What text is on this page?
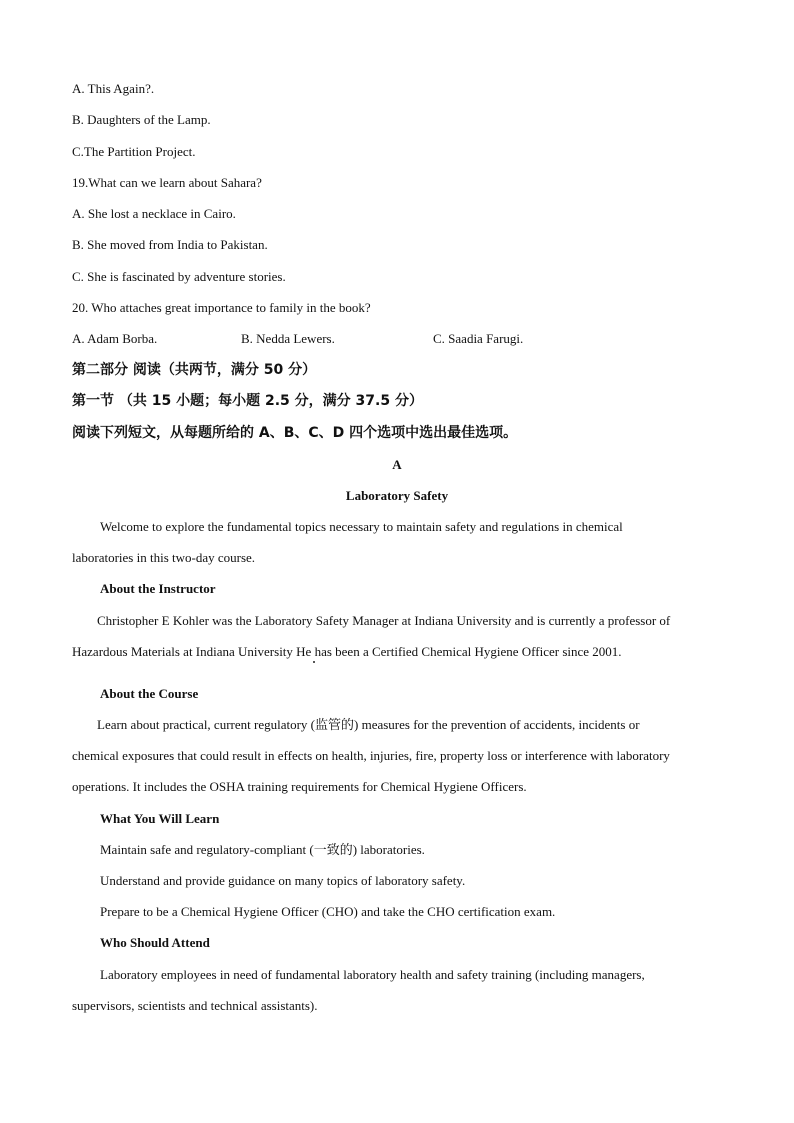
A. This Again?.
B. Daughters of the Lamp.
C.The Partition Project.
19.What can we learn about Sahara?
A. She lost a necklace in Cairo.
B. She moved from India to Pakistan.
C. She is fascinated by adventure stories.
20. Who attaches great importance to family in the book?
A. Adam Borba.	B. Nedda Lewers.	C. Saadia Farugi.
第二部分 阅读（共两节，满分 50 分）
第一节 （共 15 小题；每小题 2.5 分，满分 37.5 分）
阅读下列短文，从每题所给的 A、B、C、D 四个选项中选出最佳选项。
A
Laboratory Safety
Welcome to explore the fundamental topics necessary to maintain safety and regulations in chemical
laboratories in this two-day course.
About the Instructor
Christopher E Kohler was the Laboratory Safety Manager at Indiana University and is currently a professor of
Hazardous Materials at Indiana University He has been a Certified Chemical Hygiene Officer since 2001.
About the Course
Learn about practical, current regulatory (监管的) measures for the prevention of accidents, incidents or
chemical exposures that could result in effects on health, injuries, fire, property loss or interference with laboratory
operations. It includes the OSHA training requirements for Chemical Hygiene Officers.
What You Will Learn
Maintain safe and regulatory-compliant (一致的) laboratories.
Understand and provide guidance on many topics of laboratory safety.
Prepare to be a Chemical Hygiene Officer (CHO) and take the CHO certification exam.
Who Should Attend
Laboratory employees in need of fundamental laboratory health and safety training (including managers,
supervisors, scientists and technical assistants).
